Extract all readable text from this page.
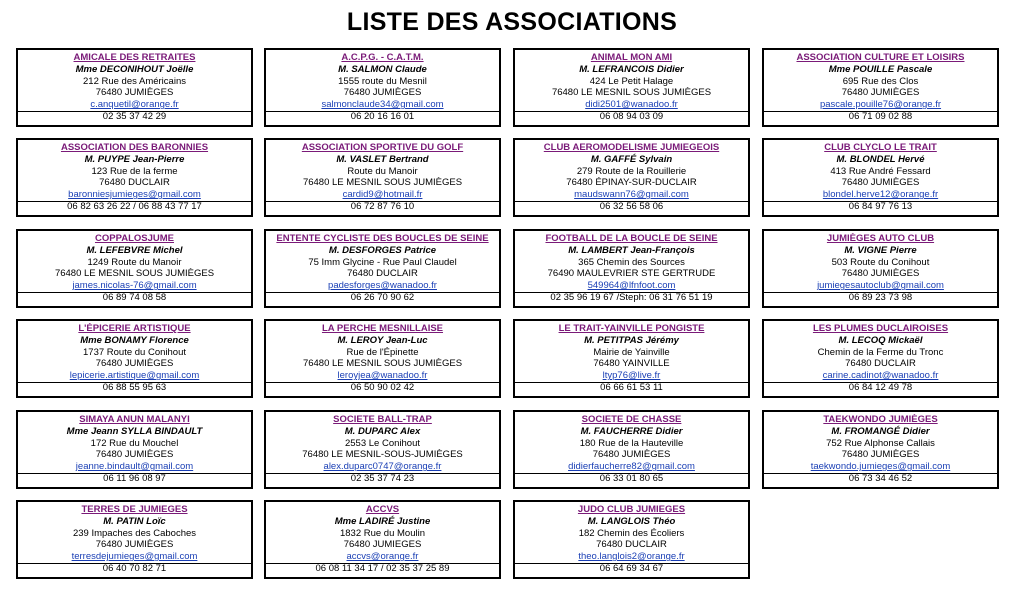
LISTE DES ASSOCIATIONS
AMICALE DES RETRAITES
Mme DECONIHOUT Joëlle
212 Rue des Américains
76480 JUMIÈGES
c.anquetil@orange.fr
02 35 37 42 29
A.C.P.G. - C.A.T.M.
M. SALMON Claude
1555 route du Mesnil
76480 JUMIÈGES
salmonclaude34@gmail.com
06 20 16 16 01
ANIMAL MON AMI
M. LEFRANCOIS Didier
424 Le Petit Halage
76480 LE MESNIL SOUS JUMIÈGES
didi2501@wanadoo.fr
06 08 94 03 09
ASSOCIATION CULTURE ET LOISIRS
Mme POUILLE Pascale
695 Rue des Clos
76480 JUMIÈGES
pascale.pouille76@orange.fr
06 71 09 02 88
ASSOCIATION DES BARONNIES
M. PUYPE Jean-Pierre
123 Rue de la ferme
76480 DUCLAIR
baronniesjumieges@gmail.com
06 82 63 26 22 / 06 88 43 77 17
ASSOCIATION SPORTIVE DU GOLF
M. VASLET Bertrand
Route du Manoir
76480 LE MESNIL SOUS JUMIÈGES
cardid9@hotmail.fr
06 72 87 76 10
CLUB AEROMODELISME JUMIEGEOIS
M. GAFFÉ Sylvain
279 Route de la Rouillerie
76480 ÉPINAY-SUR-DUCLAIR
maudswann76@gmail.com
06 32 56 58 06
CLUB CLYCLO LE TRAIT
M. BLONDEL Hervé
413 Rue André Fessard
76480 JUMIÈGES
blondel.herve12@orange.fr
06 84 97 76 13
COPPALOSJUME
M. LEFEBVRE Michel
1249 Route du Manoir
76480 LE MESNIL SOUS JUMIÈGES
james.nicolas-76@gmail.com
06 89 74 08 58
ENTENTE CYCLISTE DES BOUCLES DE SEINE
M. DESFORGES Patrice
75 Imm Glycine - Rue Paul Claudel
76480 DUCLAIR
padesforges@wanadoo.fr
06 26 70 90 62
FOOTBALL DE LA BOUCLE DE SEINE
M. LAMBERT Jean-François
365 Chemin des Sources
76490 MAULEVRIER STE GERTRUDE
549964@lfnfoot.com
02 35 96 19 67 /Steph: 06 31 76 51 19
JUMIÈGES AUTO CLUB
M. VIGNE Pierre
503 Route du Conihout
76480 JUMIÈGES
jumiegesautoclub@gmail.com
06 89 23 73 98
L'ÉPICERIE ARTISTIQUE
Mme BONAMY Florence
1737 Route du Conihout
76480 JUMIÈGES
lepicerie.artistique@gmail.com
06 88 55 95 63
LA PERCHE MESNILLAISE
M. LEROY Jean-Luc
Rue de l'Épinette
76480 LE MESNIL SOUS JUMIÈGES
leroyjea@wanadoo.fr
06 50 90 02 42
LE TRAIT-YAINVILLE PONGISTE
M. PETITPAS Jérémy
Mairie de Yainville
76480 YAINVILLE
ltyp76@live.fr
06 66 61 53 11
LES PLUMES DUCLAIROISES
M. LECOQ Mickaël
Chemin de la Ferme du Tronc
76480 DUCLAIR
carine.cadinot@wanadoo.fr
06 84 12 49 78
SIMAYA ANUN MALANYI
Mme Jeann SYLLA BINDAULT
172 Rue du Mouchel
76480 JUMIÈGES
jeanne.bindault@gmail.com
06 11 96 08 97
SOCIETE BALL-TRAP
M. DUPARC Alex
2553 Le Conihout
76480 LE MESNIL-SOUS-JUMIÈGES
alex.duparc0747@orange.fr
02 35 37 74 23
SOCIETE DE CHASSE
M. FAUCHERRE Didier
180 Rue de la Hauteville
76480 JUMIÈGES
didierfaucherre82@gmail.com
06 33 01 80 65
TAEKWONDO JUMIÈGES
M. FROMANGÉ Didier
752 Rue Alphonse Callais
76480 JUMIÈGES
taekwondo.jumieges@gmail.com
06 73 34 46 52
TERRES DE JUMIEGES
M. PATIN Loïc
239 Impaches des Caboches
76480 JUMIÈGES
terresdejumieges@gmail.com
06 40 70 82 71
ACCVS
Mme LADIRÉ Justine
1832 Rue du Moulin
76480 JUMIEGES
accvs@orange.fr
06 08 11 34 17 / 02 35 37 25 89
JUDO CLUB JUMIEGES
M. LANGLOIS Théo
182 Chemin des Écoliers
76480 DUCLAIR
theo.langlois2@orange.fr
06 64 69 34 67
